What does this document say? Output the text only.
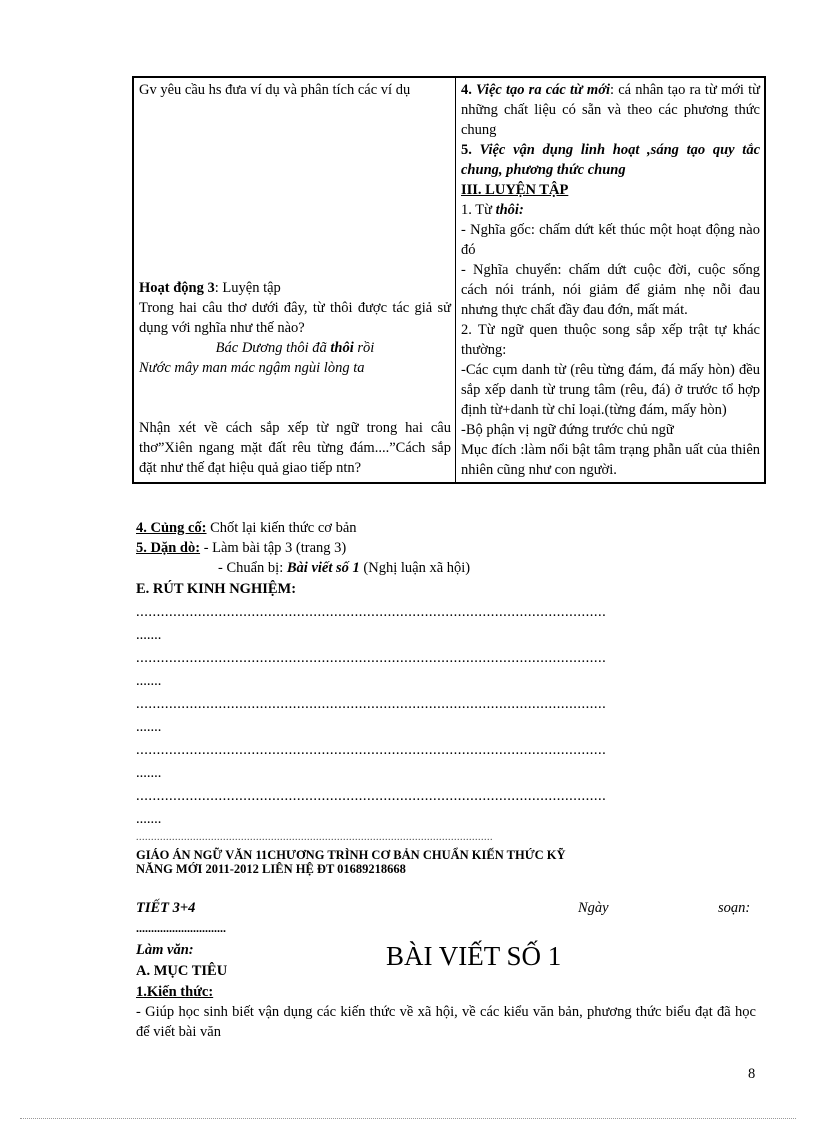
Gv yêu cầu hs đưa ví dụ và phân tích các ví dụ
Hoạt động 3: Luyện tập
Trong hai câu thơ dưới đây, từ thôi được tác giả sử dụng với nghĩa như thế nào?
Bác Dương thôi đã thôi rồi
Nước mây man mác ngậm ngùi lòng ta
Nhận xét về cách sắp xếp từ ngữ trong hai câu thơ”Xiên ngang mặt đất rêu từng đám....”Cách sắp đặt như thế đạt hiệu quả giao tiếp ntn?

4. Việc tạo ra các từ mới: cá nhân tạo ra từ mới từ những chất liệu có sẵn và theo các phương thức chung
5. Việc vận dụng linh hoạt ,sáng tạo quy tắc chung, phương thức chung
III. LUYỆN TẬP
1. Từ thôi:
- Nghĩa gốc: chấm dứt kết thúc một hoạt động nào đó
- Nghĩa chuyển: chấm dứt cuộc đời, cuộc sống cách nói tránh, nói giảm để giảm nhẹ nỗi đau nhưng thực chất đầy đau đớn, mất mát.
2. Từ ngữ quen thuộc song sắp xếp trật tự khác thường:
-Các cụm danh từ (rêu từng đám, đá mấy hòn) đều sắp xếp danh từ trung tâm (rêu, đá) ở trước tổ hợp định từ+danh từ chỉ loại.(từng đám, mấy hòn)
-Bộ phận vị ngữ đứng trước chủ ngữ
Mục đích :làm nổi bật tâm trạng phẫn uất của thiên nhiên cũng như con người.
4. Củng cố: Chốt lại kiến thức cơ bản
5. Dặn dò: - Làm bài tập 3 (trang 3)
- Chuẩn bị: Bài viết số 1 (Nghị luận xã hội)
E. RÚT KINH NGHIỆM:
..................................................................................................................
.......
..................................................................................................................
.......
..................................................................................................................
.......
..................................................................................................................
.......
..................................................................................................................
.......
.......................................................................................................................
GIÁO ÁN NGỮ VĂN 11CHƯƠNG TRÌNH CƠ BẢN CHUẨN KIẾN THỨC KỸ
NĂNG MỚI 2011-2012 LIÊN HỆ ĐT 01689218668
TIẾT 3+4	Ngày	soạn:
..............................
Làm văn:	BÀI VIẾT SỐ 1
A. MỤC TIÊU
1.Kiến thức:
- Giúp học sinh biết vận dụng các kiến thức về xã hội, về các kiểu văn bản, phương thức biểu đạt đã học để viết bài văn
8
